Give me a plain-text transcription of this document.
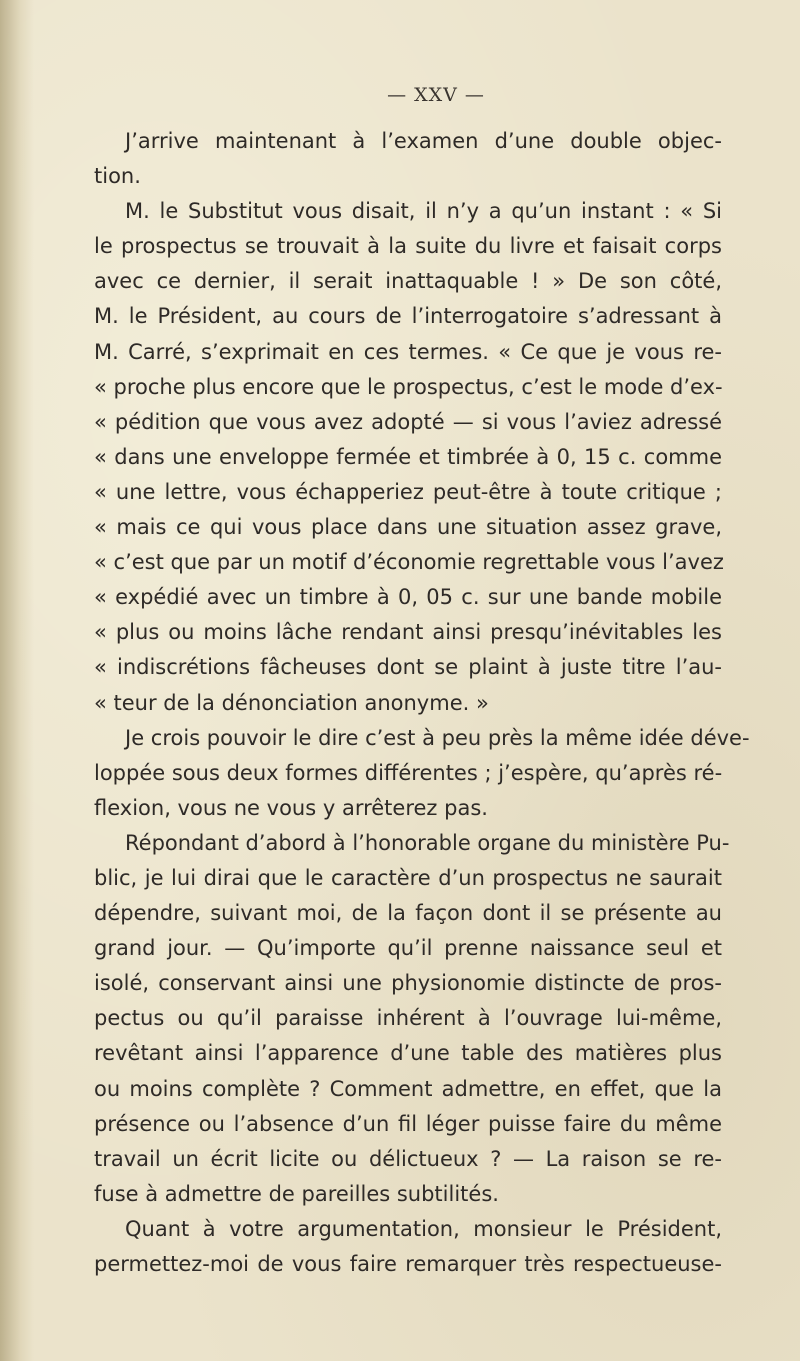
— XXV —
J’arrive maintenant à l’examen d’une double objec-
tion.
M. le Substitut vous disait, il n’y a qu’un instant : « Si
le prospectus se trouvait à la suite du livre et faisait corps
avec ce dernier, il serait inattaquable ! » De son côté,
M. le Président, au cours de l’interrogatoire s’adressant à
M. Carré, s’exprimait en ces termes. « Ce que je vous re-
« proche plus encore que le prospectus, c’est le mode d’ex-
« pédition que vous avez adopté — si vous l’aviez adressé
« dans une enveloppe fermée et timbrée à 0, 15 c. comme
« une lettre, vous échapperiez peut-être à toute critique ;
« mais ce qui vous place dans une situation assez grave,
« c’est que par un motif d’économie regrettable vous l’avez
« expédié avec un timbre à 0, 05 c. sur une bande mobile
« plus ou moins lâche rendant ainsi presqu’inévitables les
« indiscrétions fâcheuses dont se plaint à juste titre l’au-
« teur de la dénonciation anonyme. »
Je crois pouvoir le dire c’est à peu près la même idée déve-
loppée sous deux formes différentes ; j’espère, qu’après ré-
flexion, vous ne vous y arrêterez pas.
Répondant d’abord à l’honorable organe du ministère Pu-
blic, je lui dirai que le caractère d’un prospectus ne saurait
dépendre, suivant moi, de la façon dont il se présente au
grand jour. — Qu’importe qu’il prenne naissance seul et
isolé, conservant ainsi une physionomie distincte de pros-
pectus ou qu’il paraisse inhérent à l’ouvrage lui-même,
revêtant ainsi l’apparence d’une table des matières plus
ou moins complète ? Comment admettre, en effet, que la
présence ou l’absence d’un fil léger puisse faire du même
travail un écrit licite ou délictueux ? — La raison se re-
fuse à admettre de pareilles subtilités.
Quant à votre argumentation, monsieur le Président,
permettez-moi de vous faire remarquer très respectueuse-
